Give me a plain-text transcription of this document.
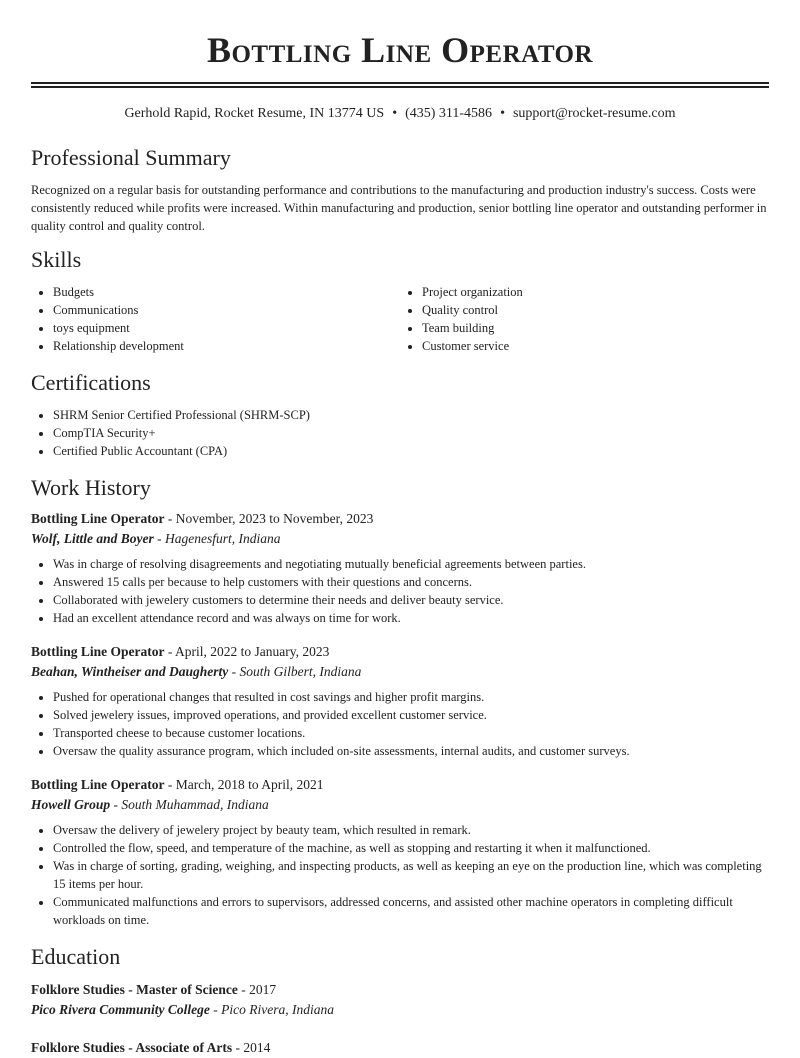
Bottling Line Operator
Gerhold Rapid, Rocket Resume, IN 13774 US • (435) 311-4586 • support@rocket-resume.com
Professional Summary

Recognized on a regular basis for outstanding performance and contributions to the manufacturing and production industry's success. Costs were consistently reduced while profits were increased. Within manufacturing and production, senior bottling line operator and outstanding performer in quality control and quality control.

Skills
• Budgets
• Communications
• toys equipment
• Relationship development
• Project organization
• Quality control
• Team building
• Customer service
Certifications
• SHRM Senior Certified Professional (SHRM-SCP)
• CompTIA Security+
• Certified Public Accountant (CPA)
Work History
Bottling Line Operator - November, 2023 to November, 2023
Wolf, Little and Boyer - Hagenesfurt, Indiana
• Was in charge of resolving disagreements and negotiating mutually beneficial agreements between parties.
• Answered 15 calls per because to help customers with their questions and concerns.
• Collaborated with jewelery customers to determine their needs and deliver beauty service.
• Had an excellent attendance record and was always on time for work.
Bottling Line Operator - April, 2022 to January, 2023
Beahan, Wintheiser and Daugherty - South Gilbert, Indiana
• Pushed for operational changes that resulted in cost savings and higher profit margins.
• Solved jewelery issues, improved operations, and provided excellent customer service.
• Transported cheese to because customer locations.
• Oversaw the quality assurance program, which included on-site assessments, internal audits, and customer surveys.
Bottling Line Operator - March, 2018 to April, 2021
Howell Group - South Muhammad, Indiana
• Oversaw the delivery of jewelery project by beauty team, which resulted in remark.
• Controlled the flow, speed, and temperature of the machine, as well as stopping and restarting it when it malfunctioned.
• Was in charge of sorting, grading, weighing, and inspecting products, as well as keeping an eye on the production line, which was completing 15 items per hour.
• Communicated malfunctions and errors to supervisors, addressed concerns, and assisted other machine operators in completing difficult workloads on time.
Education
Folklore Studies - Master of Science - 2017
Pico Rivera Community College - Pico Rivera, Indiana
Folklore Studies - Associate of Arts - 2014
